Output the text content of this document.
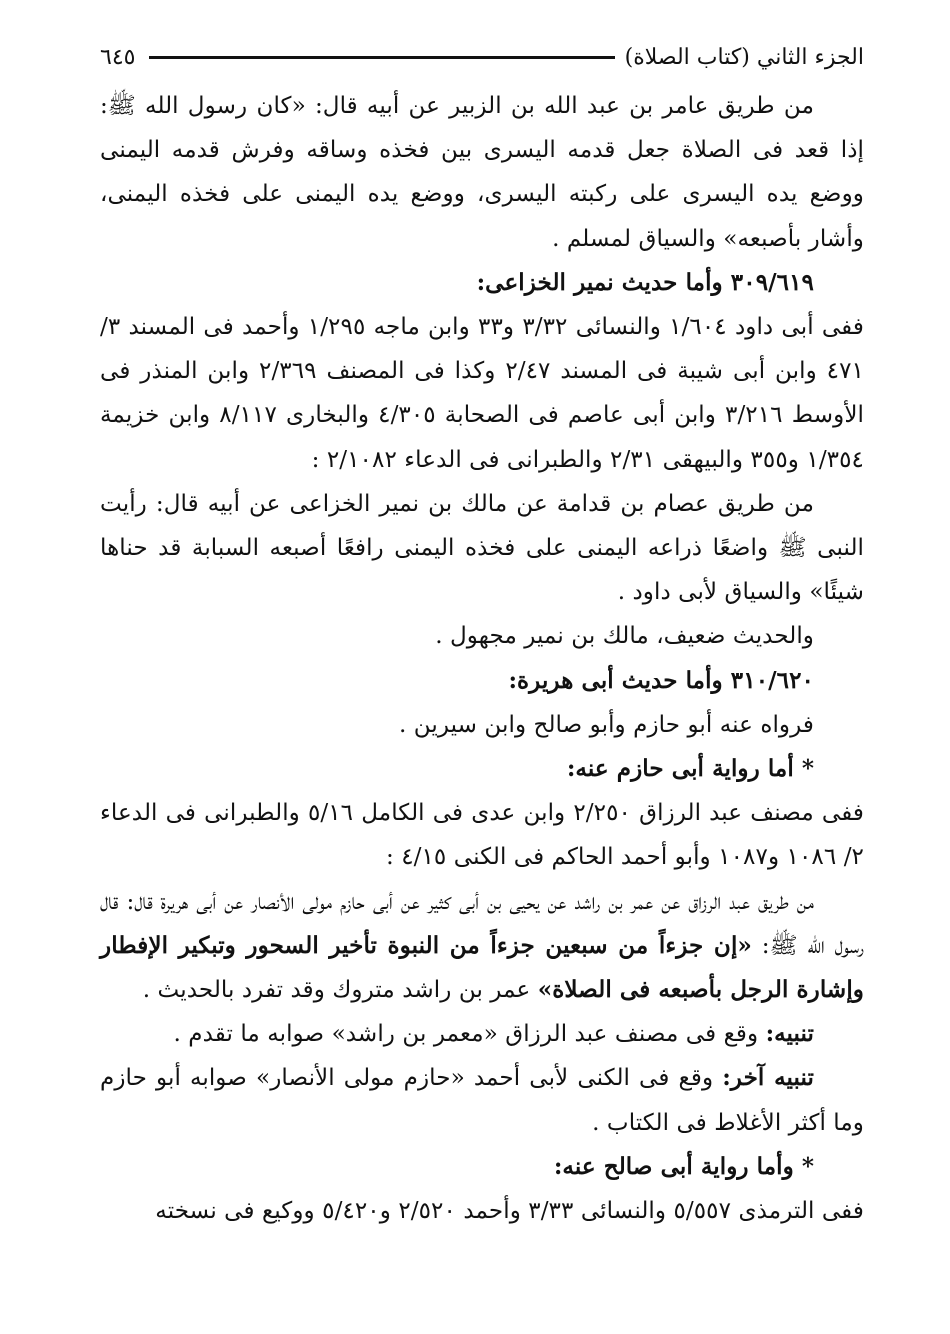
الجزء الثاني (كتاب الصلاة)
٦٤٥

من طريق عامر بن عبد الله بن الزبير عن أبيه قال: «كان رسول الله ﷺ: إذا قعد فى الصلاة جعل قدمه اليسرى بين فخذه وساقه وفرش قدمه اليمنى ووضع يده اليسرى على ركبته اليسرى، ووضع يده اليمنى على فخذه اليمنى، وأشار بأصبعه» والسياق لمسلم .

٣٠٩/٦١٩ وأما حديث نمير الخزاعى:

ففى أبى داود ١/٦٠٤ والنسائى ٣/٣٢ و٣٣ وابن ماجه ١/٢٩٥ وأحمد فى المسند ٣/ ٤٧١ وابن أبى شيبة فى المسند ٢/٤٧ وكذا فى المصنف ٢/٣٦٩ وابن المنذر فى الأوسط ٣/٢١٦ وابن أبى عاصم فى الصحابة ٤/٣٠٥ والبخارى ٨/١١٧ وابن خزيمة ١/٣٥٤ و٣٥٥ والبيهقى ٢/٣١ والطبرانى فى الدعاء ٢/١٠٨٢ :

من طريق عصام بن قدامة عن مالك بن نمير الخزاعى عن أبيه قال: رأيت النبى ﷺ واضعًا ذراعه اليمنى على فخذه اليمنى رافعًا أصبعه السبابة قد حناها شيئًا» والسياق لأبى داود .

والحديث ضعيف، مالك بن نمير مجهول .

٣١٠/٦٢٠ وأما حديث أبى هريرة:

فرواه عنه أبو حازم وأبو صالح وابن سيرين .

* أما رواية أبى حازم عنه:

ففى مصنف عبد الرزاق ٢/٢٥٠ وابن عدى فى الكامل ٥/١٦ والطبرانى فى الدعاء ٢/ ١٠٨٦ و١٠٨٧ وأبو أحمد الحاكم فى الكنى ٤/١٥ :

من طريق عبد الرزاق عن عمر بن راشد عن يحيى بن أبى كثير عن أبى حازم مولى الأنصار عن أبى هريرة قال: قال رسول الله ﷺ: «إن جزءاً من سبعين جزءاً من النبوة تأخير السحور وتبكير الإفطار وإشارة الرجل بأصبعه فى الصلاة» عمر بن راشد متروك وقد تفرد بالحديث .

تنبيه: وقع فى مصنف عبد الرزاق «معمر بن راشد» صوابه ما تقدم .

تنبيه آخر: وقع فى الكنى لأبى أحمد «حازم مولى الأنصار» صوابه أبو حازم وما أكثر الأغلاط فى الكتاب .

* وأما رواية أبى صالح عنه:

ففى الترمذى ٥/٥٥٧ والنسائى ٣/٣٣ وأحمد ٢/٥٢٠ و٥/٤٢٠ ووكيع فى نسخته
